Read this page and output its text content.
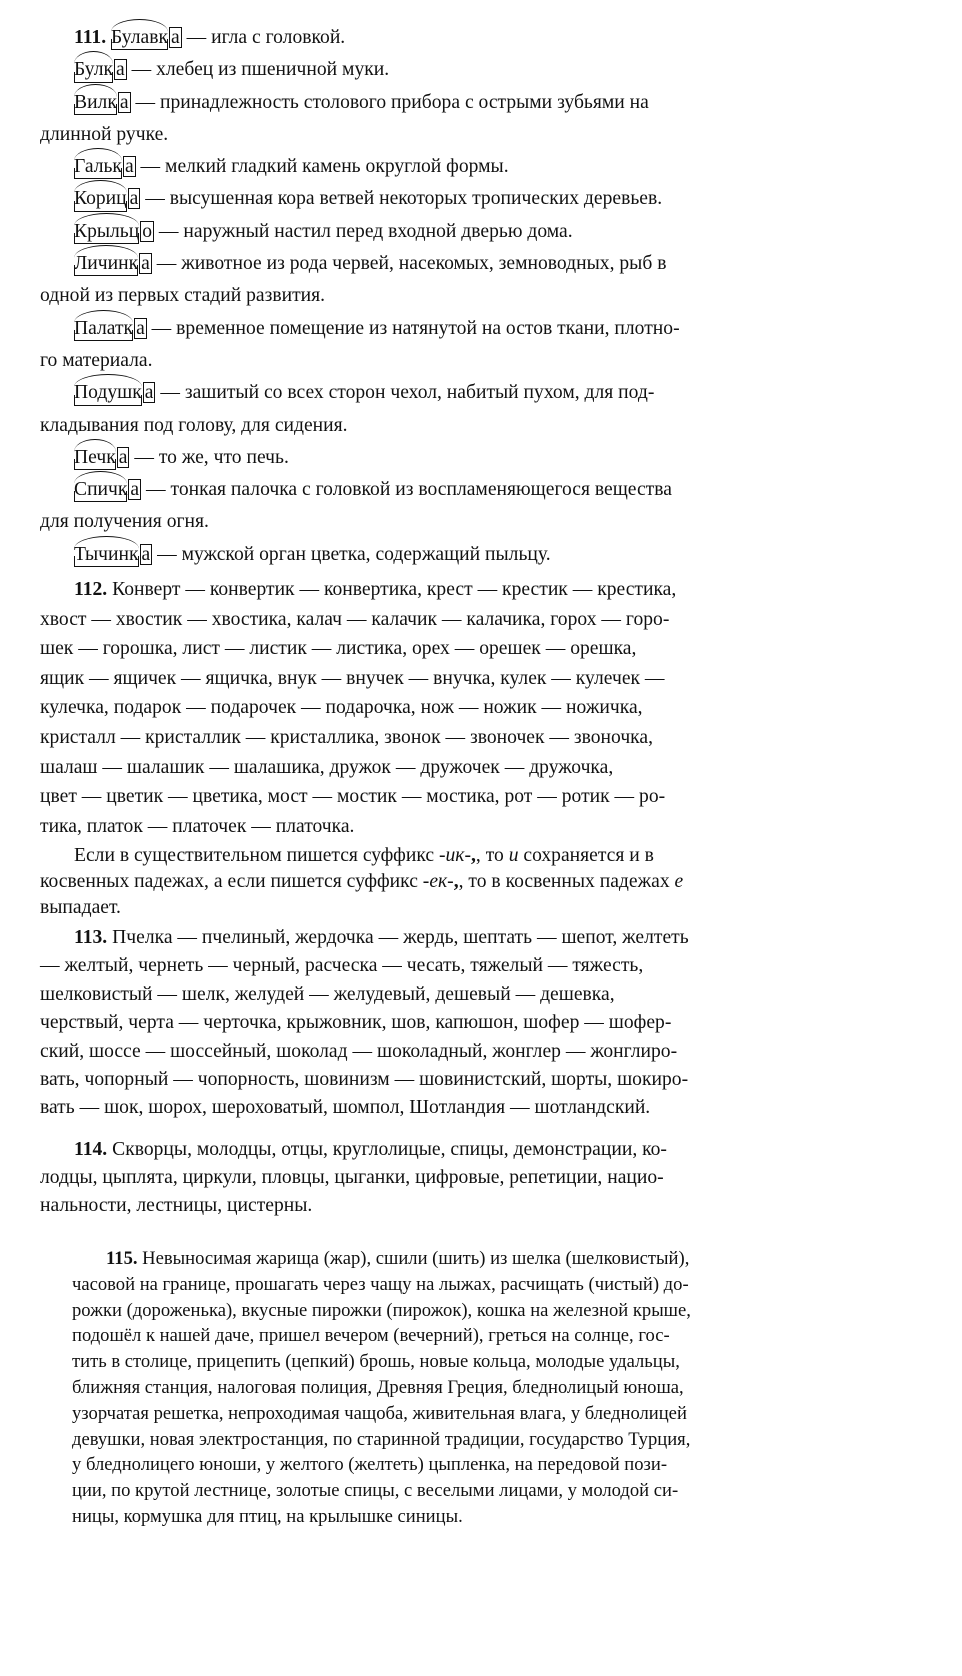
111. Булавк а — игла с головкой.
Булк а — хлебец из пшеничной муки.
Вилк а — принадлежность столового прибора с острыми зубьями на
длинной ручке.
Гальк а — мелкий гладкий камень округлой формы.
Кориц а — высушенная кора ветвей некоторых тропических деревьев.
Крыльц о — наружный настил перед входной дверью дома.
Личинк а — животное из рода червей, насекомых, земноводных, рыб в
одной из первых стадий развития.
Палатк а — временное помещение из натянутой на остов ткани, плотно-
го материала.
Подушк а — зашитый со всех сторон чехол, набитый пухом, для под-
кладывания под голову, для сидения.
Печк а — то же, что печь.
Спичк а — тонкая палочка с головкой из воспламеняющегося вещества
для получения огня.
Тычинк а — мужской орган цветка, содержащий пыльцу.
112. Конверт — конвертик — конвертика, крест — крестик — крестика,
хвост — хвостик — хвостика, калач — калачик — калачика, горох — горо-
шек — горошка, лист — листик — листика, орех — орешек — орешка,
ящик — ящичек — ящичка, внук — внучек — внучка, кулек — кулечек —
кулечка, подарок — подарочек — подарочка, нож — ножик — ножичка,
кристалл — кристаллик — кристаллика, звонок — звоночек — звоночка,
шалаш — шалашик — шалашика, дружок — дружочек — дружочка,
цвет — цветик — цветика, мост — мостик — мостика, рот — ротик — ро-
тика, платок — платочек — платочка.
Если в существительном пишется суффикс -ик-,, то и сохраняется и в
косвенных падежах, а если пишется суффикс -ек-,, то в косвенных падежах е
выпадает.
113. Пчелка — пчелиный, жердочка — жердь, шептать — шепот, желтеть
— желтый, чернеть — черный, расческа — чесать, тяжелый — тяжесть,
шелковистый — шелк, желудей — желудевый, дешевый — дешевка,
черствый, черта — черточка, крыжовник, шов, капюшон, шофер — шофер-
ский, шоссе — шоссейный, шоколад — шоколадный, жонглер — жонглиро-
вать, чопорный — чопорность, шовинизм — шовинистский, шорты, шокиро-
вать — шок, шорох, шероховатый, шомпол, Шотландия — шотландский.
114. Скворцы, молодцы, отцы, круглолицые, спицы, демонстрации, ко-
лодцы, цыплята, циркули, пловцы, цыганки, цифровые, репетиции, нацио-
нальности, лестницы, цистерны.
115. Невыносимая жарища (жар), сшили (шить) из шелка (шелковистый),
часовой на границе, прошагать через чащу на лыжах, расчищать (чистый) до-
рожки (дороженька), вкусные пирожки (пирожок), кошка на железной крыше,
подошёл к нашей даче, пришел вечером (вечерний), греться на солнце, гос-
тить в столице, прицепить (цепкий) брошь, новые кольца, молодые удальцы,
ближняя станция, налоговая полиция, Древняя Греция, бледнолицый юноша,
узорчатая решетка, непроходимая чащоба, живительная влага, у бледнолицей
девушки, новая электростанция, по старинной традиции, государство Турция,
у бледнолицего юноши, у желтого (желтеть) цыпленка, на передовой пози-
ции, по крутой лестнице, золотые спицы, с веселыми лицами, у молодой си-
ницы, кормушка для птиц, на крылышке синицы.
